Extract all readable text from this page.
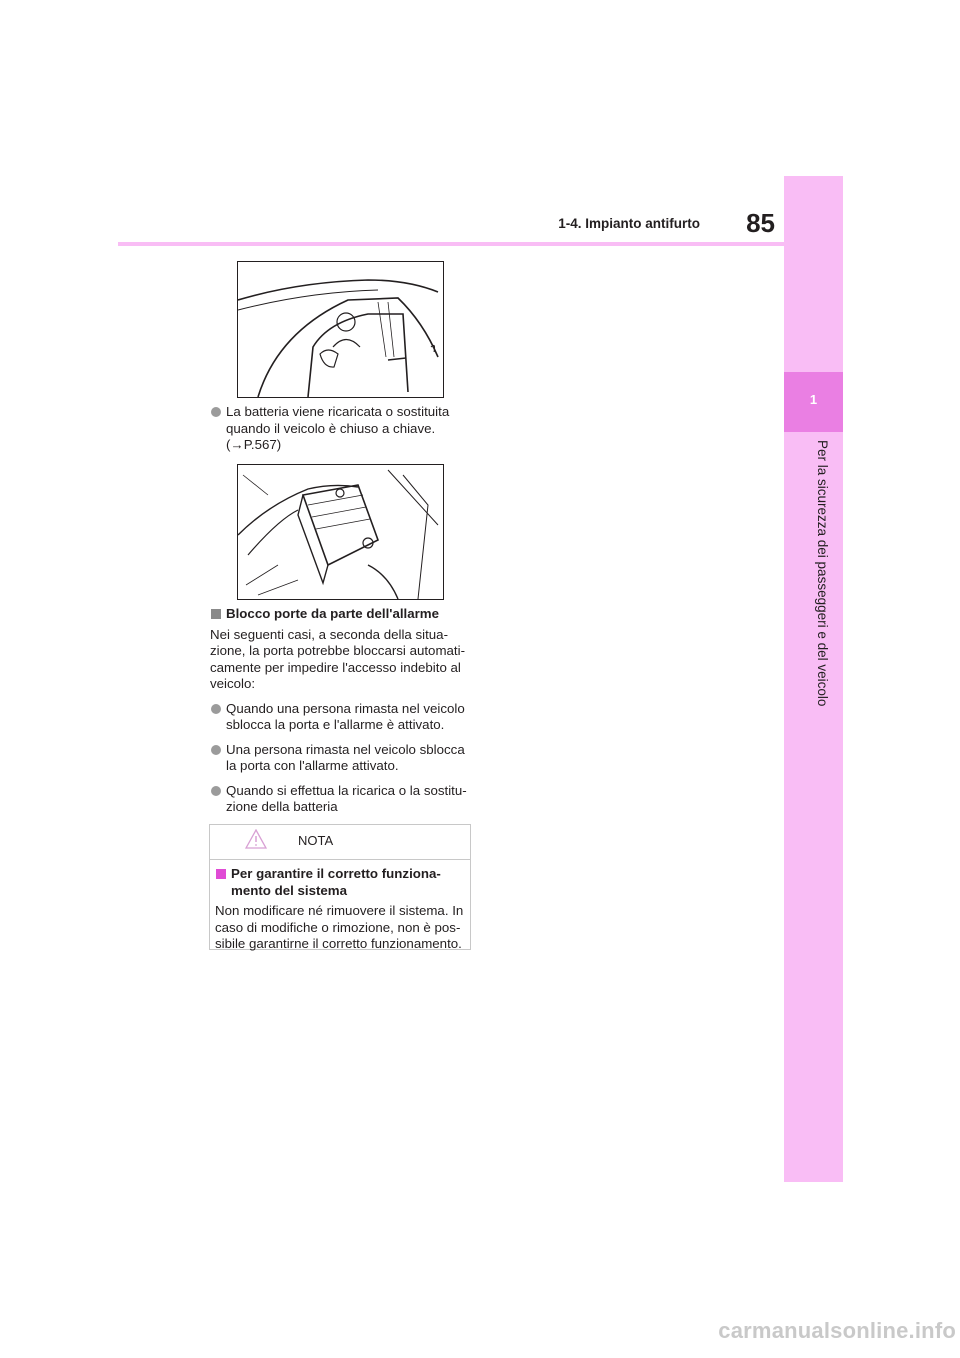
1
Per la sicurezza dei passeggeri e del veicolo
85
1-4. Impianto antifurto
La batteria viene ricaricata o sostituita quando il veicolo è chiuso a chiave.
(→P.567)
Blocco porte da parte dell'allarme
Nei seguenti casi, a seconda della situa- zione, la porta potrebbe bloccarsi automati- camente per impedire l'accesso indebito al veicolo:
Quando una persona rimasta nel veicolo sblocca la porta e l'allarme è attivato.
Una persona rimasta nel veicolo sblocca la porta con l'allarme attivato.
Quando si effettua la ricarica o la sostitu- zione della batteria
NOTA
Per garantire il corretto funziona- mento del sistema
Non modificare né rimuovere il sistema. In caso di modifiche o rimozione, non è pos- sibile garantirne il corretto funzionamento.
carmanualsonline.info
